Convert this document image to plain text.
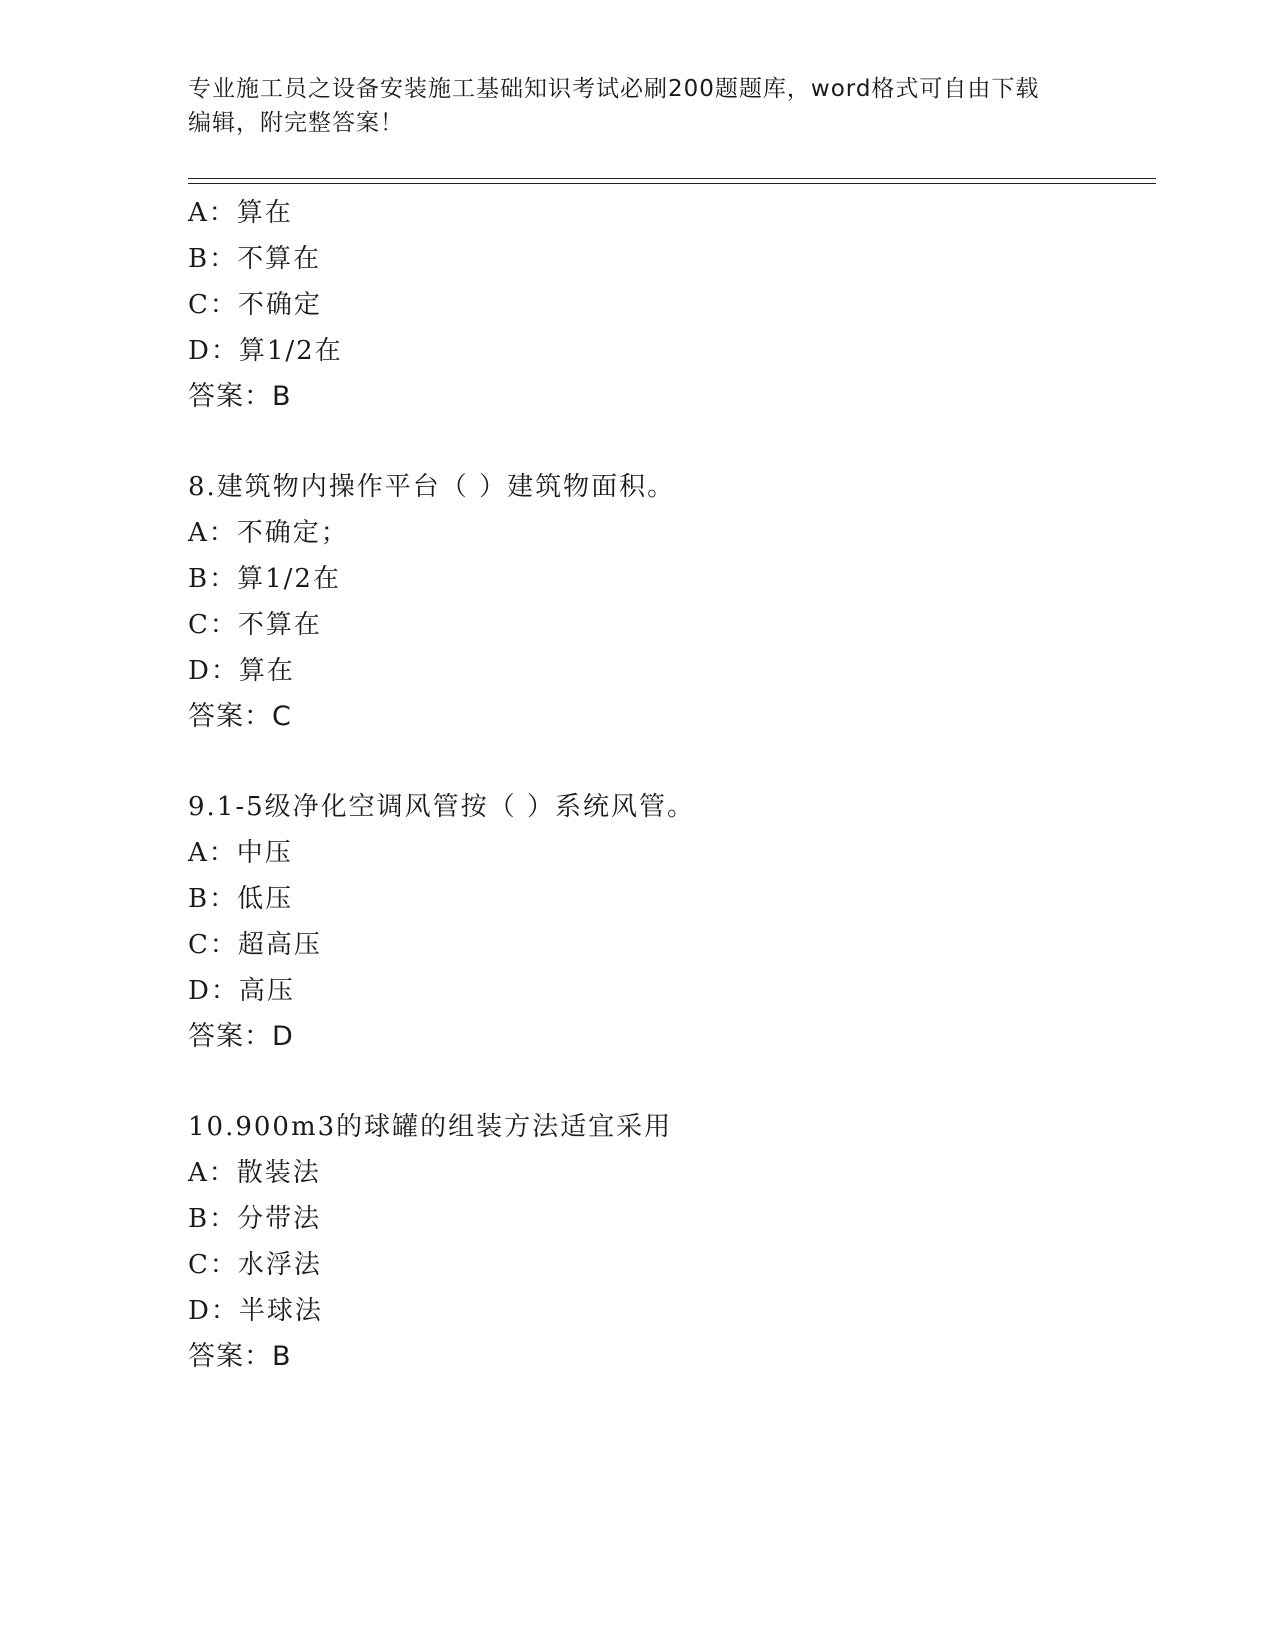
专业施工员之设备安装施工基础知识考试必刷200题题库，word格式可自由下载
编辑，附完整答案！
A：算在
B：不算在
C：不确定
D：算1/2在
答案：B
8.建筑物内操作平台（ ）建筑物面积。
A：不确定；
B：算1/2在
C：不算在
D：算在
答案：C
9.1-5级净化空调风管按（ ）系统风管。
A：中压
B：低压
C：超高压
D：高压
答案：D
10.900m3的球罐的组装方法适宜采用
A：散装法
B：分带法
C：水浮法
D：半球法
答案：B
